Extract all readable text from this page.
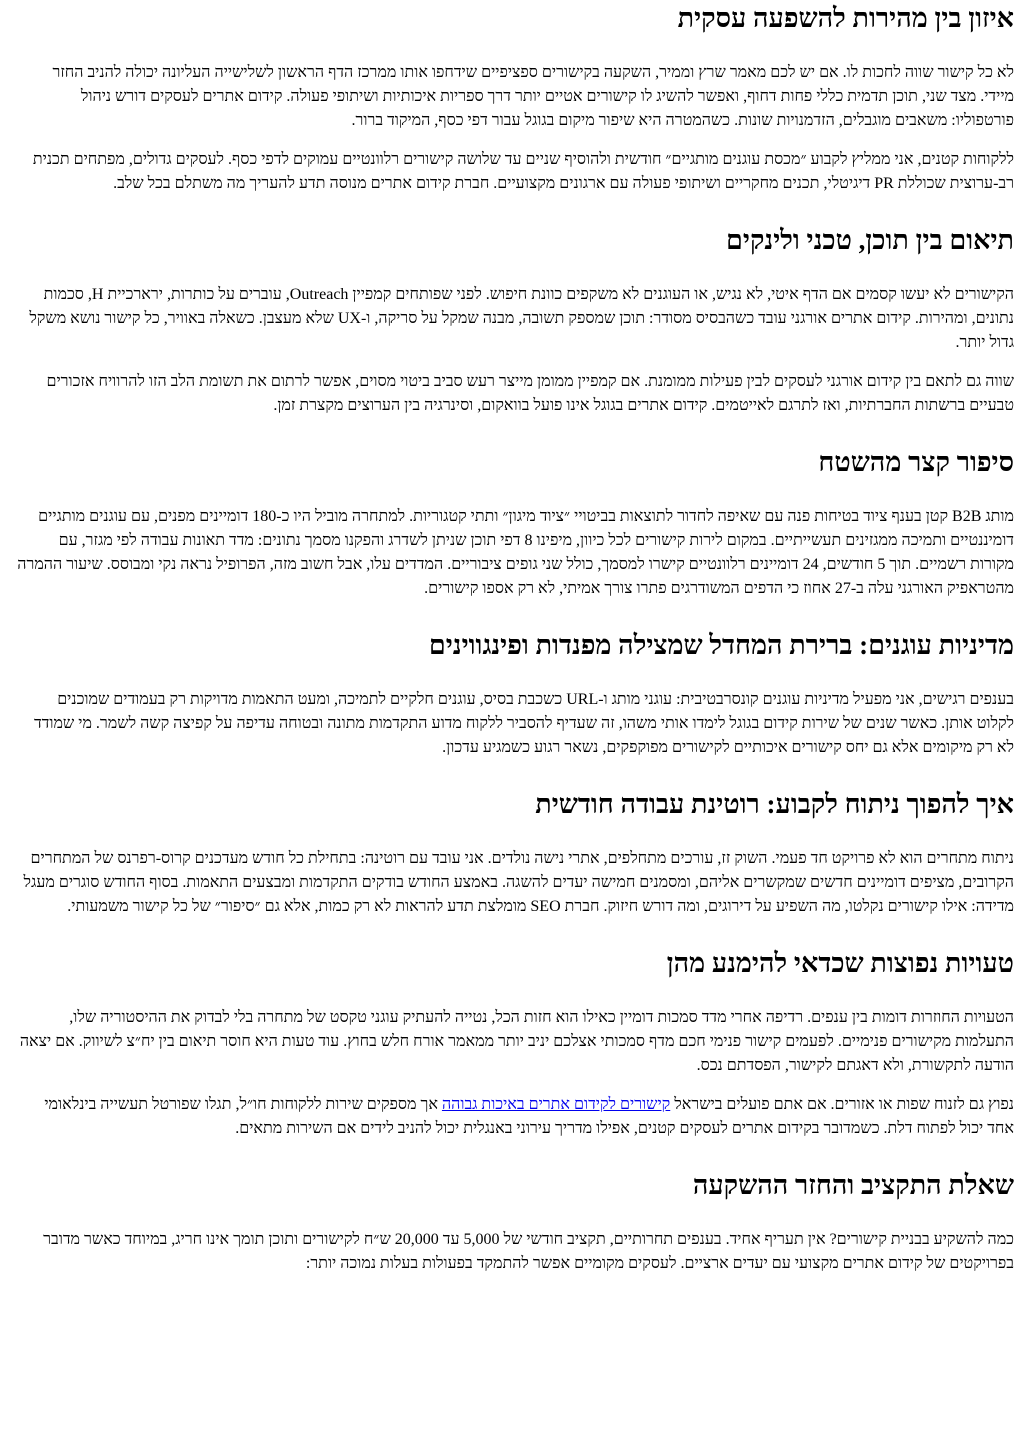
איזון בין מהירות להשפעה עסקית

לא כל קישור שווה לחכות לו. אם יש לכם מאמר שרץ וממיר, השקעה בקישורים ספציפיים שידחפו אותו ממרכז הדף הראשון לשלישייה העליונה יכולה להניב החזר מיידי. מצד שני, תוכן תדמית כללי פחות דחוף, ואפשר להשיג לו קישורים אטיים יותר דרך ספריות איכותיות ושיתופי פעולה. קידום אתרים לעסקים דורש ניהול פורטפוליו: משאבים מוגבלים, הזדמנויות שונות. כשהמטרה היא שיפור מיקום בגוגל עבור דפי כסף, המיקוד ברור.

ללקוחות קטנים, אני ממליץ לקבוע ״מכסת עוגנים מותגיים״ חודשית ולהוסיף שניים עד שלושה קישורים רלוונטיים עמוקים לדפי כסף. לעסקים גדולים, מפתחים תכנית רב-ערוצית שכוללת PR דיגיטלי, תכנים מחקריים ושיתופי פעולה עם ארגונים מקצועיים. חברת קידום אתרים מנוסה תדע להעריך מה משתלם בכל שלב.

תיאום בין תוכן, טכני ולינקים

הקישורים לא יעשו קסמים אם הדף איטי, לא נגיש, או העוגנים לא משקפים כוונת חיפוש. לפני שפותחים קמפיין Outreach, עוברים על כותרות, ירארכיית H, סכמות נתונים, ומהירות. קידום אתרים אורגני עובד כשהבסיס מסודר: תוכן שמספק תשובה, מבנה שמקל על סריקה, ו-UX שלא מעצבן. כשאלה באוויר, כל קישור נושא משקל גדול יותר.

שווה גם לתאם בין קידום אורגני לעסקים לבין פעילות ממומנת. אם קמפיין ממומן מייצר רעש סביב ביטוי מסוים, אפשר לרתום את תשומת הלב הזו להרוויח אזכורים טבעיים ברשתות החברתיות, ואז לתרגם לאייטמים. קידום אתרים בגוגל אינו פועל בוואקום, וסינרגיה בין הערוצים מקצרת זמן.

סיפור קצר מהשטח

מותג B2B קטן בענף ציוד בטיחות פנה עם שאיפה לחדור לתוצאות בביטויי ״ציוד מיגון״ ותתי קטגוריות. למתחרה מוביל היו כ-180 דומיינים מפנים, עם עוגנים מותגיים דומיננטיים ותמיכה ממגזינים תעשייתיים. במקום לירות קישורים לכל כיוון, מיפינו 8 דפי תוכן שניתן לשדרג והפקנו מסמך נתונים: מדד תאונות עבודה לפי מגזר, עם מקורות רשמיים. תוך 5 חודשים, 24 דומיינים רלוונטיים קישרו למסמך, כולל שני גופים ציבוריים. המדדים עלו, אבל חשוב מזה, הפרופיל נראה נקי ומבוסס. שיעור ההמרה מהטראפיק האורגני עלה ב-27 אחוז כי הדפים המשודרגים פתרו צורך אמיתי, לא רק אספו קישורים.

מדיניות עוגנים: ברירת המחדל שמצילה מפנדות ופינגווינים

בענפים רגישים, אני מפעיל מדיניות עוגנים קונסרבטיבית: עוגני מותג ו-URL כשכבת בסיס, עוגנים חלקיים לתמיכה, ומעט התאמות מדויקות רק בעמודים שמוכנים לקלוט אותן. כאשר שנים של שירות קידום בגוגל לימדו אותי משהו, זה שעדיף להסביר ללקוח מדוע התקדמות מתונה ובטוחה עדיפה על קפיצה קשה לשמר. מי שמודד לא רק מיקומים אלא גם יחס קישורים איכותיים לקישורים מפוקפקים, נשאר רגוע כשמגיע עדכון.

איך להפוך ניתוח לקבוע: רוטינת עבודה חודשית

ניתוח מתחרים הוא לא פרויקט חד פעמי. השוק זז, עורכים מתחלפים, אתרי נישה נולדים. אני עובד עם רוטינה: בתחילת כל חודש מעדכנים קרוס-רפרנס של המתחרים הקרובים, מציפים דומיינים חדשים שמקשרים אליהם, ומסמנים חמישה יעדים להשגה. באמצע החודש בודקים התקדמות ומבצעים התאמות. בסוף החודש סוגרים מעגל מדידה: אילו קישורים נקלטו, מה השפיע על דירוגים, ומה דורש חיזוק. חברת SEO מומלצת תדע להראות לא רק כמות, אלא גם ״סיפור״ של כל קישור משמעותי.

טעויות נפוצות שכדאי להימנע מהן

הטעויות החוזרות דומות בין ענפים. רדיפה אחרי מדד סמכות דומיין כאילו הוא חזות הכל, נטייה להעתיק עוגני טקסט של מתחרה בלי לבדוק את ההיסטוריה שלו, התעלמות מקישורים פנימיים. לפעמים קישור פנימי חכם מדף סמכותי אצלכם יניב יותר ממאמר אורח חלש בחוץ. עוד טעות היא חוסר תיאום בין יח״צ לשיווק. אם יצאה הודעה לתקשורת, ולא דאגתם לקישור, הפסדתם נכס.

נפוץ גם לזנוח שפות או אזורים. אם אתם פועלים בישראל קישורים לקידום אתרים באיכות גבוהה אך מספקים שירות ללקוחות חו״ל, תגלו שפורטל תעשייה בינלאומי אחד יכול לפתוח דלת. כשמדובר בקידום אתרים לעסקים קטנים, אפילו מדריך עירוני באנגלית יכול להניב לידים אם השירות מתאים.

שאלת התקציב והחזר ההשקעה

כמה להשקיע בבניית קישורים? אין תעריף אחיד. בענפים תחרותיים, תקציב חודשי של 5,000 עד 20,000 ש״ח לקישורים ותוכן תומך אינו חריג, במיוחד כאשר מדובר בפרויקטים של קידום אתרים מקצועי עם יעדים ארציים. לעסקים מקומיים אפשר להתמקד בפעולות בעלות נמוכה יותר:
